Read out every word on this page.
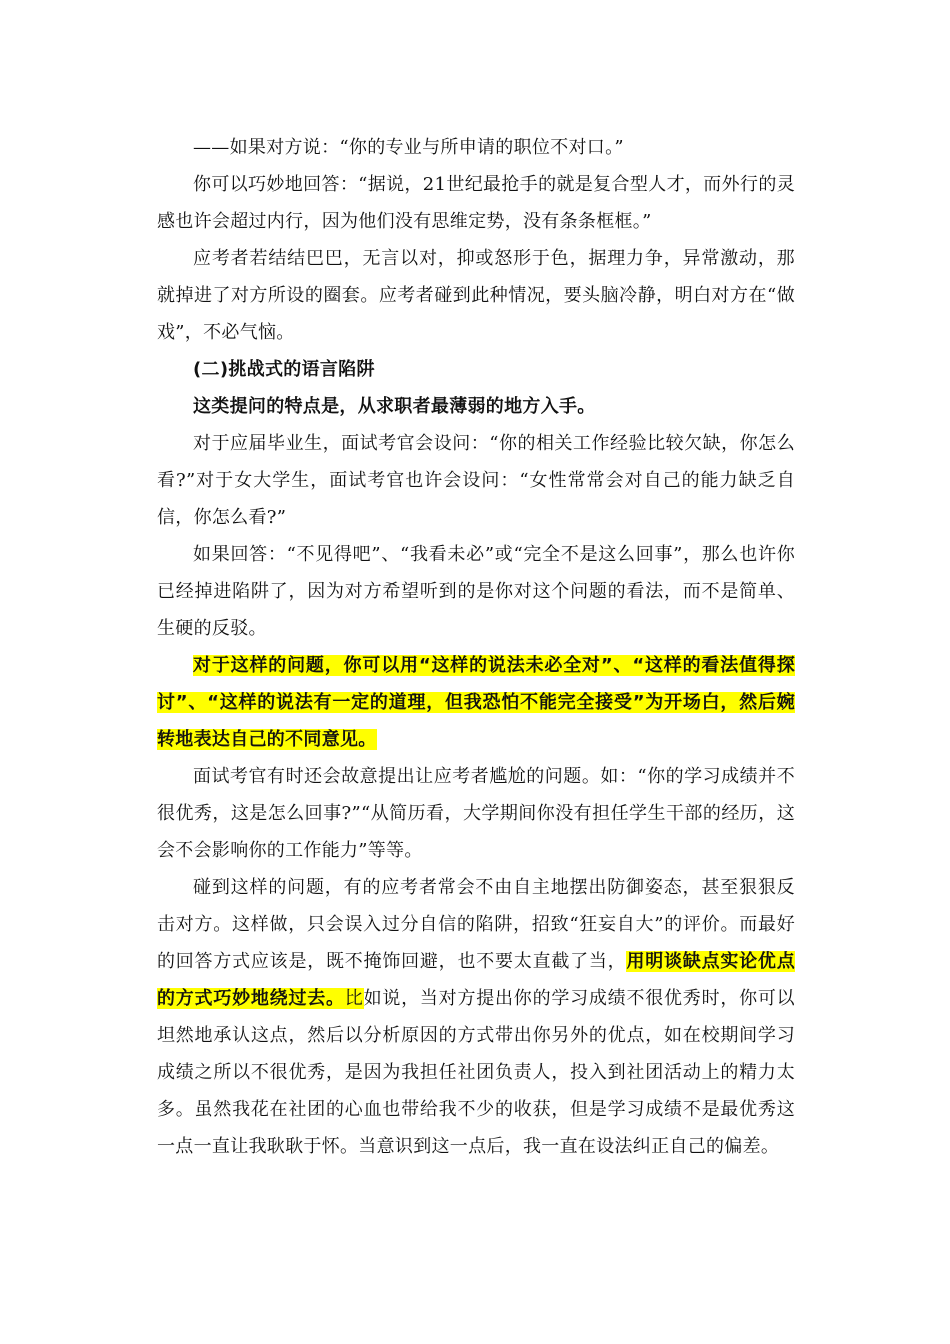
——如果对方说：“你的专业与所申请的职位不对口。”

你可以巧妙地回答：“据说，21世纪最抢手的就是复合型人才，而外行的灵感也许会超过内行，因为他们没有思维定势，没有条条框框。”

应考者若结结巴巴，无言以对，抑或怒形于色，据理力争，异常激动，那就掉进了对方所设的圈套。应考者碰到此种情况，要头脑冷静，明白对方在“做戏”，不必气恼。

(二)挑战式的语言陷阱

这类提问的特点是，从求职者最薄弱的地方入手。

对于应届毕业生，面试考官会设问：“你的相关工作经验比较欠缺，你怎么看?”对于女大学生，面试考官也许会设问：“女性常常会对自己的能力缺乏自信，你怎么看?”

如果回答：“不见得吧”、“我看未必”或“完全不是这么回事”，那么也许你已经掉进陷阱了，因为对方希望听到的是你对这个问题的看法，而不是简单、生硬的反驳。

对于这样的问题，你可以用“这样的说法未必全对”、“这样的看法值得探讨”、“这样的说法有一定的道理，但我恐怕不能完全接受”为开场白，然后婉转地表达自己的不同意见。

面试考官有时还会故意提出让应考者尴尬的问题。如：“你的学习成绩并不很优秀，这是怎么回事?”“从简历看，大学期间你没有担任学生干部的经历，这会不会影响你的工作能力”等等。

碰到这样的问题，有的应考者常会不由自主地摆出防御姿态，甚至狠狠反击对方。这样做，只会误入过分自信的陷阱，招致“狂妄自大”的评价。而最好的回答方式应该是，既不掩饰回避，也不要太直截了当，用明谈缺点实论优点的方式巧妙地绕过去。比如说，当对方提出你的学习成绩不很优秀时，你可以坦然地承认这点，然后以分析原因的方式带出你另外的优点，如在校期间学习成绩之所以不很优秀，是因为我担任社团负责人，投入到社团活动上的精力太多。虽然我花在社团的心血也带给我不少的收获，但是学习成绩不是最优秀这一点一直让我耿耿于怀。当意识到这一点后，我一直在设法纠正自己的偏差。
